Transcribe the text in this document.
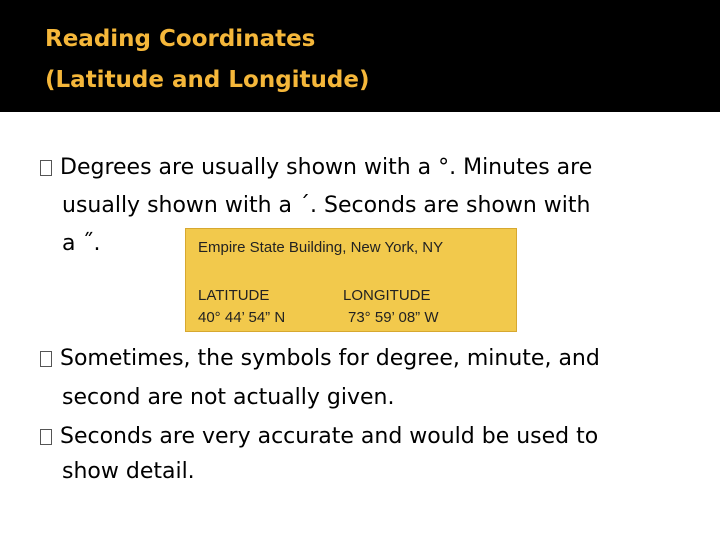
Reading Coordinates
(Latitude and Longitude)
Degrees are usually shown with a °. Minutes are
usually shown with a ´. Seconds are shown with
a ˝.	Empire State Building, New York, NY
LATITUDE
40° 44’ 54” N
LONGITUDE
73° 59’ 08” W
Sometimes, the symbols for degree, minute, and
second are not actually given.
Seconds are very accurate and would be used to
show detail.
